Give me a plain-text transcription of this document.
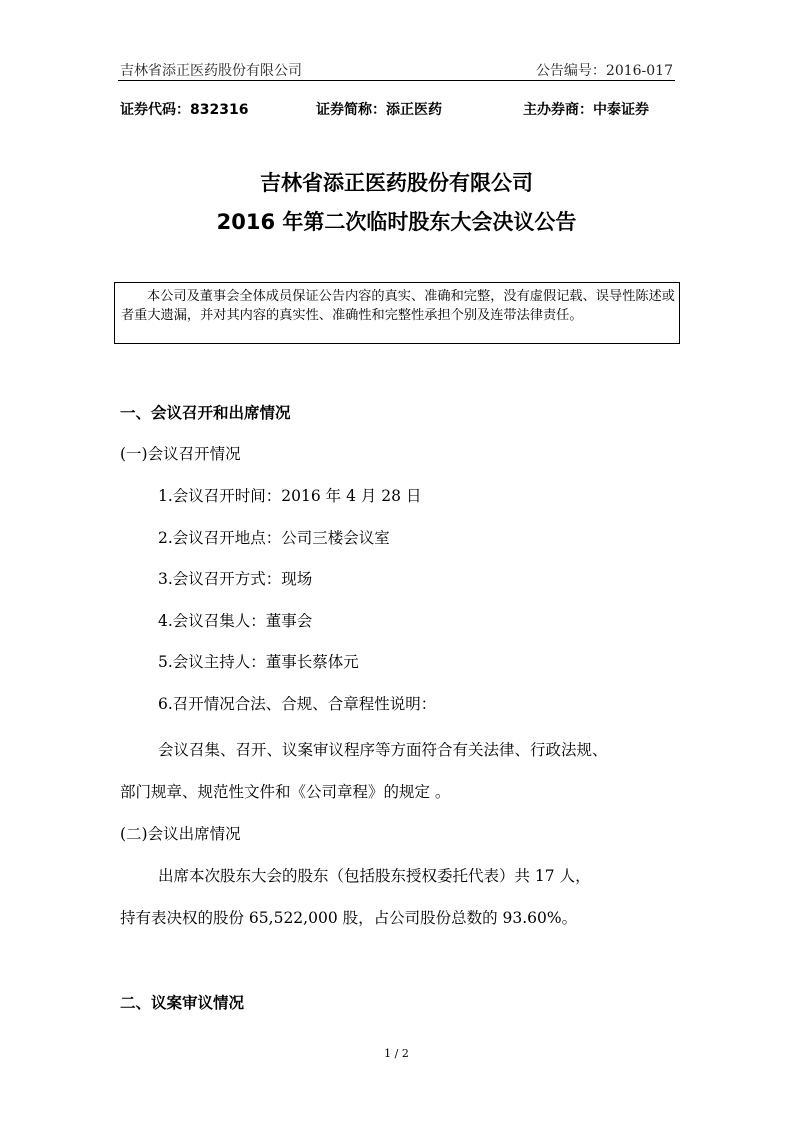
吉林省添正医药股份有限公司	公告编号：2016-017
证券代码：832316	证券简称：添正医药	主办券商：中泰证券
吉林省添正医药股份有限公司
2016 年第二次临时股东大会决议公告
本公司及董事会全体成员保证公告内容的真实、准确和完整，没有虚假记载、误导性陈述或者重大遗漏，并对其内容的真实性、准确性和完整性承担个别及连带法律责任。
一、会议召开和出席情况
(一)会议召开情况
1.会议召开时间：2016 年 4 月 28 日
2.会议召开地点：公司三楼会议室
3.会议召开方式：现场
4.会议召集人：董事会
5.会议主持人：董事长蔡体元
6.召开情况合法、合规、合章程性说明：
会议召集、召开、议案审议程序等方面符合有关法律、行政法规、
部门规章、规范性文件和《公司章程》的规定 。
(二)会议出席情况
出席本次股东大会的股东（包括股东授权委托代表）共 17 人，
持有表决权的股份 65,522,000 股，占公司股份总数的 93.60%。
二、议案审议情况
1 / 2
